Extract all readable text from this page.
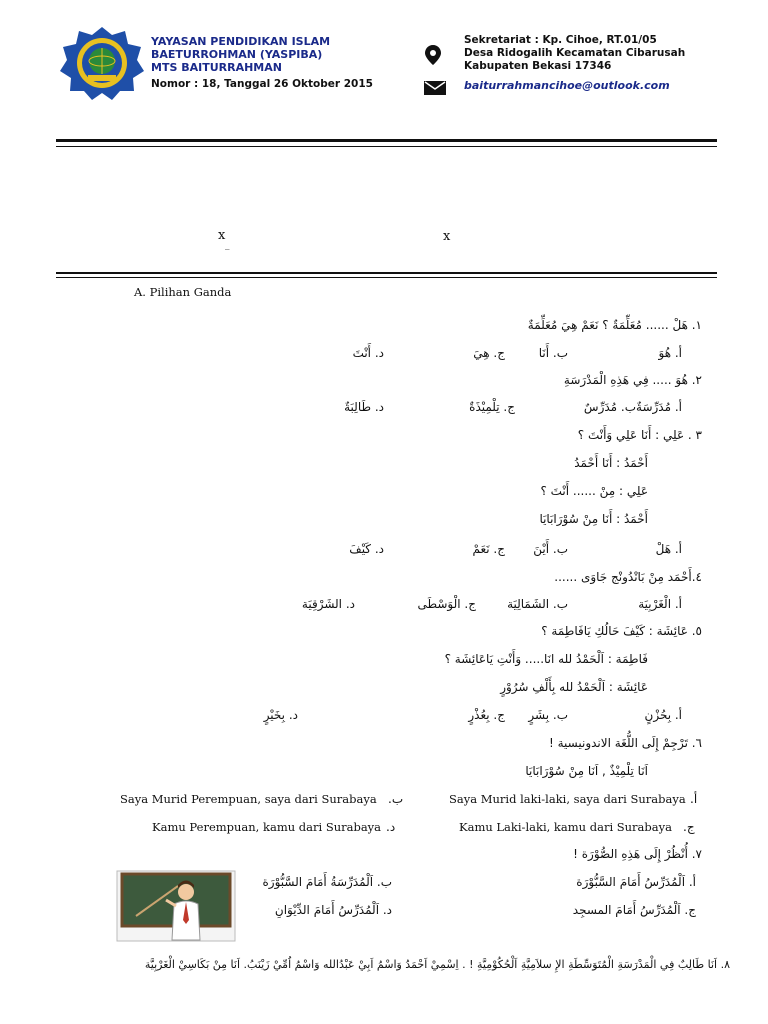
YAYASAN PENDIDIKAN ISLAM
BAETURROHMAN (YASPIBA)
MTS BAITURRAHMAN
Nomor : 18, Tanggal 26 Oktober 2015
Sekretariat : Kp. Cihoe, RT.01/05
Desa Ridogalih Kecamatan Cibarusah
Kabupaten Bekasi 17346
baiturrahmancihoe@outlook.com
x
_
x
A. Pilihan Ganda
١. هَلْ ...... مُعَلِّمَةٌ ؟ نَعَمْ هِيَ مُعَلِّمَةٌ
أ. هُوَ
ب. أَنَا
ج. هِيَ
د. أَنْتَ
٢. هُوَ ..... فِي هَذِهِ الْمَدْرَسَةِ
أ. مُدَرِّسَةٌب. مُدَرِّسٌ
ج. تِلْمِيْذَةٌ
د. طَالِبَةٌ
٣ . عَلِي : أَنَا عَلِي وَأَنْتَ ؟
أَحْمَدُ : أَنَا أَحْمَدُ
عَلِي : مِنْ ...... أَنْتَ ؟
أَحْمَدُ : أَنَا مِنْ سُوْرَابَايَا
أ. هَلْ
ب. أَيْنَ
ج. نَعَمْ
د. كَيْفَ
٤.أَحْمَد مِنْ بَانْدُونْج جَاوَى ......
أ. الْغَرْبِيَة
ب. الشَمَالِيَة
ج. الْوَسْطَى
د. الشَرْقِيَة
٥. عَائِشَة : كَيْفَ حَالُكِ يَافَاطِمَة ؟
فَاطِمَة : اَلْحَمْدُ لله انَا..... وَأَنْتِ يَاعَائِشَة ؟
عَائِشَة : اَلْحَمْدُ لله بِأَلْفِ سُرُوْرٍ
أ. بِحُزْنٍ
ب. بِشَرٍ
ج. بِعُذْرٍ
د. بِخَيْرٍ
٦. تَرْجِمْ إِلَى اللُّغَة الاندونيسية !
اَنَا تِلْمِيْذٌ , اَنَا مِنْ سُوْرَابَايَا
Saya Murid laki-laki, saya dari Surabaya أ.
Saya Murid Perempuan, saya dari Surabaya ب.
Kamu Laki-laki, kamu dari Surabaya ج.
Kamu Perempuan, kamu dari Surabaya د.
٧. أُنْظُرْ إِلَى هَذِهِ الصُّوْرَة !
أ. اَلْمُدَرِّسُ أَمَامَ السَّبُّوْرَة
ب. اَلْمُدَرِّسَةُ أَمَامَ السَّبُّوْرَة
ج. اَلْمُدَرِّسُ أَمَامَ المسجِد
د. اَلْمُدَرِّسُ أَمَامَ الدِّيْوَانِ
٨. اَنَا طَالِبٌ فِي الْمَدْرَسَةِ الْمُتَوَسِّطَةِ الإِ سلاَمِيَّةِ اَلْحُكُوْمِيَّةِ ! . اِسْمِيْ اَحْمَدُ وَاسْمُ اَبِيْ عَبْدُالله وَاسْمُ اُمِّيْ زَيْنَبُ. اَنَا مِنْ بَكَاسِيْ الْغَرْبِيَّة
